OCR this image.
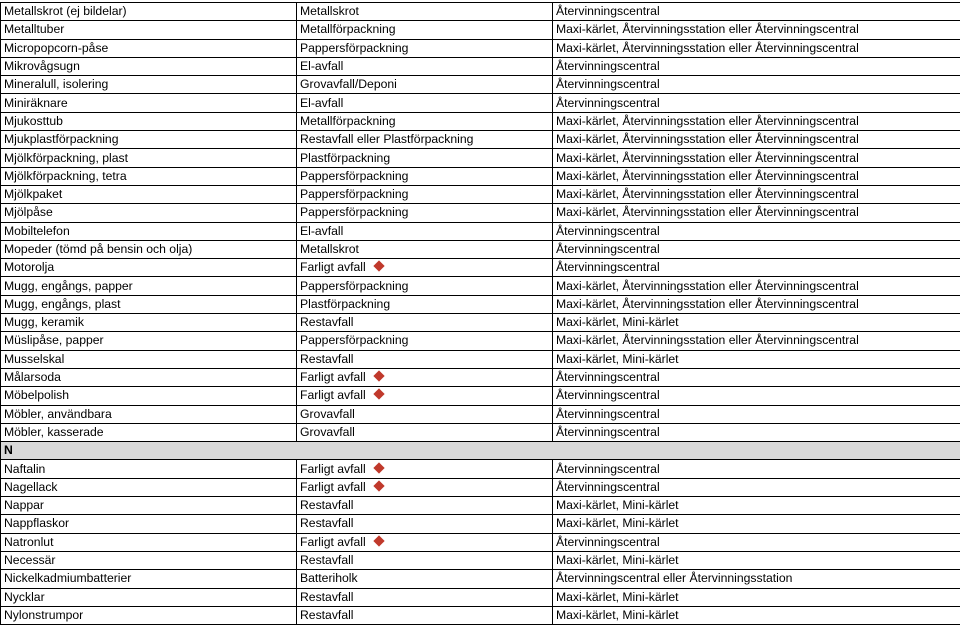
Metallskrot (ej bildelar)	Metallskrot	Återvinningscentral
Metalltuber	Metallförpackning	Maxi-kärlet, Återvinningsstation eller Återvinningscentral
Micropopcorn-påse	Pappersförpackning	Maxi-kärlet, Återvinningsstation eller Återvinningscentral
Mikrovågsugn	El-avfall	Återvinningscentral
Mineralull, isolering	Grovavfall/Deponi	Återvinningscentral
Miniräknare	El-avfall	Återvinningscentral
Mjukosttub	Metallförpackning	Maxi-kärlet, Återvinningsstation eller Återvinningscentral
Mjukplastförpackning	Restavfall eller Plastförpackning	Maxi-kärlet, Återvinningsstation eller Återvinningscentral
Mjölkförpackning, plast	Plastförpackning	Maxi-kärlet, Återvinningsstation eller Återvinningscentral
Mjölkförpackning, tetra	Pappersförpackning	Maxi-kärlet, Återvinningsstation eller Återvinningscentral
Mjölkpaket	Pappersförpackning	Maxi-kärlet, Återvinningsstation eller Återvinningscentral
Mjölpåse	Pappersförpackning	Maxi-kärlet, Återvinningsstation eller Återvinningscentral
Mobiltelefon	El-avfall	Återvinningscentral
Mopeder (tömd på bensin och olja)	Metallskrot	Återvinningscentral
Motorolja	Farligt avfall	Återvinningscentral
Mugg, engångs, papper	Pappersförpackning	Maxi-kärlet, Återvinningsstation eller Återvinningscentral
Mugg, engångs, plast	Plastförpackning	Maxi-kärlet, Återvinningsstation eller Återvinningscentral
Mugg, keramik	Restavfall	Maxi-kärlet, Mini-kärlet
Müslipåse, papper	Pappersförpackning	Maxi-kärlet, Återvinningsstation eller Återvinningscentral
Musselskal	Restavfall	Maxi-kärlet, Mini-kärlet
Målarsoda	Farligt avfall	Återvinningscentral
Möbelpolish	Farligt avfall	Återvinningscentral
Möbler, användbara	Grovavfall	Återvinningscentral
Möbler, kasserade	Grovavfall	Återvinningscentral
N		
Naftalin	Farligt avfall	Återvinningscentral
Nagellack	Farligt avfall	Återvinningscentral
Nappar	Restavfall	Maxi-kärlet, Mini-kärlet
Nappflaskor	Restavfall	Maxi-kärlet, Mini-kärlet
Natronlut	Farligt avfall	Återvinningscentral
Necessär	Restavfall	Maxi-kärlet, Mini-kärlet
Nickelkadmiumbatterier	Batteriholk	Återvinningscentral eller Återvinningsstation
Nycklar	Restavfall	Maxi-kärlet, Mini-kärlet
Nylonstrumpor	Restavfall	Maxi-kärlet, Mini-kärlet
